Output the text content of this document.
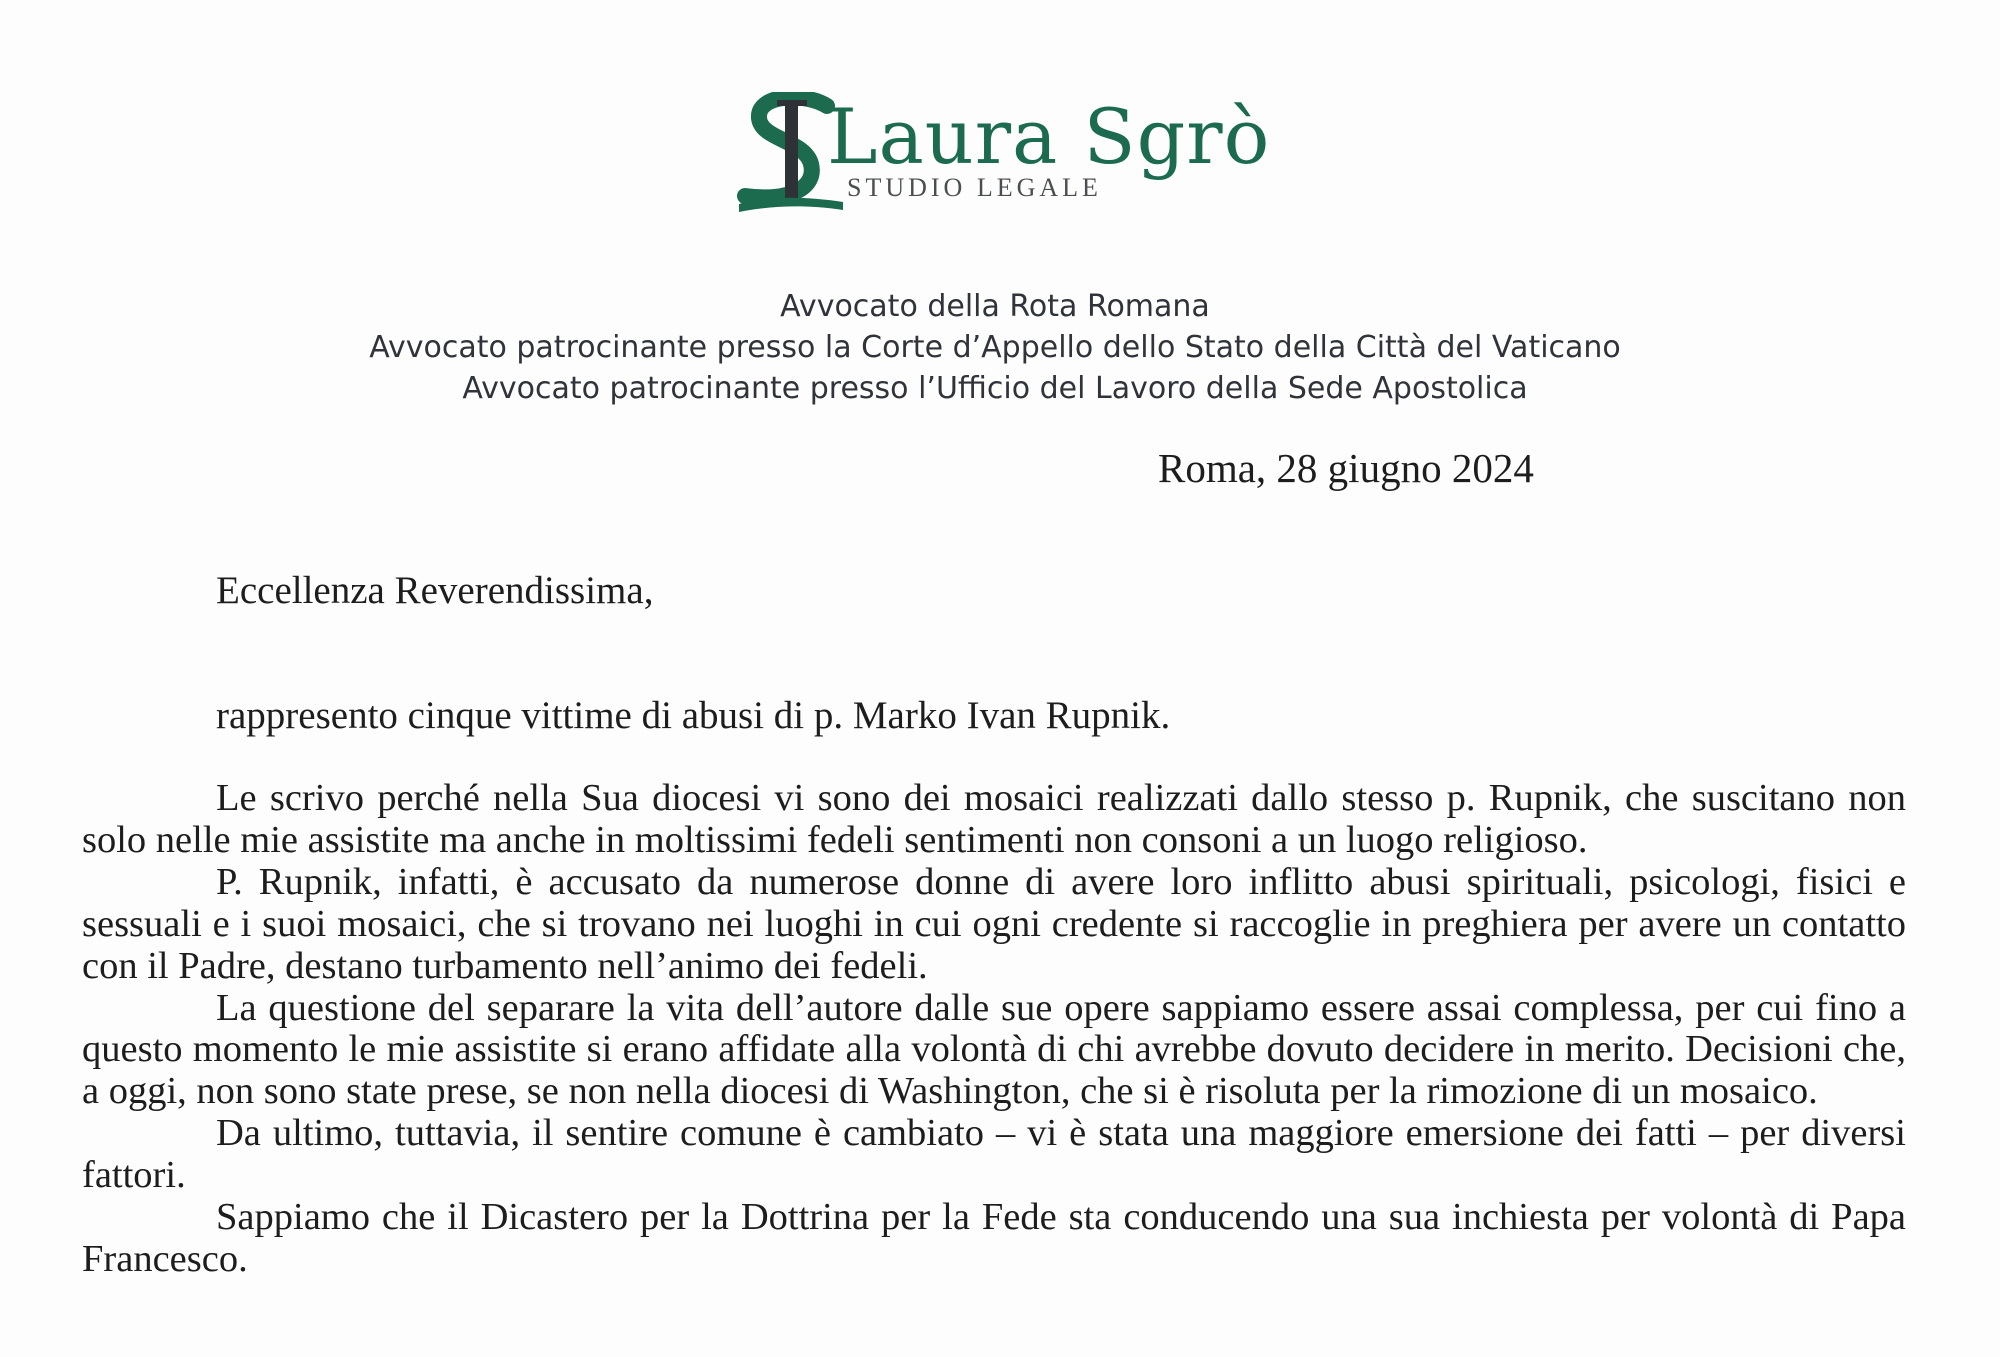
Laura Sgrò
STUDIO LEGALE
Avvocato della Rota Romana
Avvocato patrocinante presso la Corte d’Appello dello Stato della Città del Vaticano
Avvocato patrocinante presso l’Ufficio del Lavoro della Sede Apostolica
Roma, 28 giugno 2024
Eccellenza Reverendissima,
rappresento cinque vittime di abusi di p. Marko Ivan Rupnik.

Le scrivo perché nella Sua diocesi vi sono dei mosaici realizzati dallo stesso p. Rupnik, che suscitano non solo nelle mie assistite ma anche in moltissimi fedeli sentimenti non consoni a un luogo religioso.

P. Rupnik, infatti, è accusato da numerose donne di avere loro inflitto abusi spirituali, psicologi, fisici e sessuali e i suoi mosaici, che si trovano nei luoghi in cui ogni credente si raccoglie in preghiera per avere un contatto con il Padre, destano turbamento nell’animo dei fedeli.

La questione del separare la vita dell’autore dalle sue opere sappiamo essere assai complessa, per cui fino a questo momento le mie assistite si erano affidate alla volontà di chi avrebbe dovuto decidere in merito. Decisioni che, a oggi, non sono state prese, se non nella diocesi di Washington, che si è risoluta per la rimozione di un mosaico.

Da ultimo, tuttavia, il sentire comune è cambiato – vi è stata una maggiore emersione dei fatti – per diversi fattori.

Sappiamo che il Dicastero per la Dottrina per la Fede sta conducendo una sua inchiesta per volontà di Papa Francesco.
